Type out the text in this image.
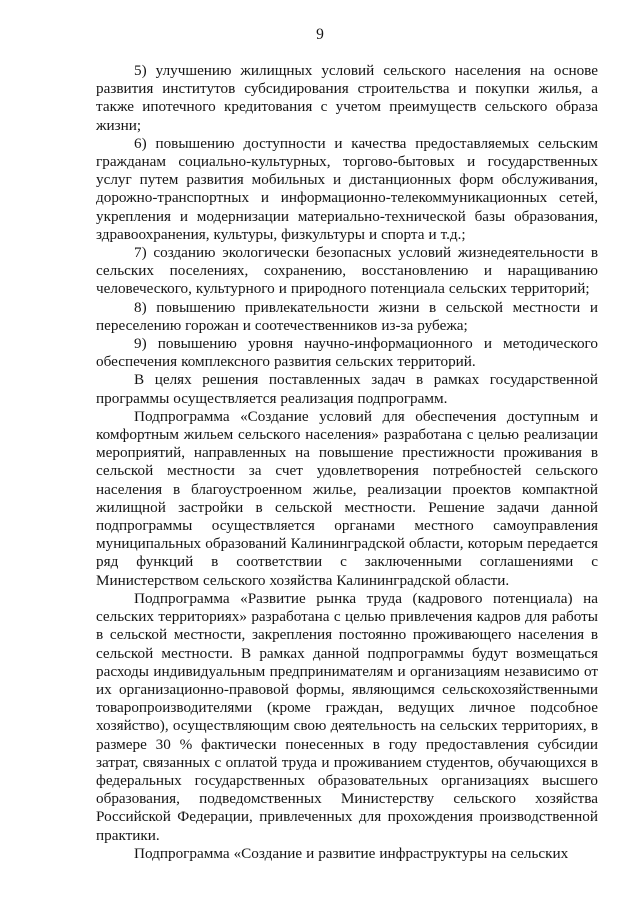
9

5) улучшению жилищных условий сельского населения на основе развития институтов субсидирования строительства и покупки жилья, а также ипотечного кредитования с учетом преимуществ сельского образа жизни;

6) повышению доступности и качества предоставляемых сельским гражданам социально-культурных, торгово-бытовых и государственных услуг путем развития мобильных и дистанционных форм обслуживания, дорожно-транспортных и информационно-телекоммуникационных сетей, укрепления и модернизации материально-технической базы образования, здравоохранения, культуры, физкультуры и спорта и т.д.;

7) созданию экологически безопасных условий жизнедеятельности в сельских поселениях, сохранению, восстановлению и наращиванию человеческого, культурного и природного потенциала сельских территорий;

8) повышению привлекательности жизни в сельской местности и переселению горожан и соотечественников из-за рубежа;

9) повышению уровня научно-информационного и методического обеспечения комплексного развития сельских территорий.

В целях решения поставленных задач в рамках государственной программы осуществляется реализация подпрограмм.

Подпрограмма «Создание условий для обеспечения доступным и комфортным жильем сельского населения» разработана с целью реализации мероприятий, направленных на повышение престижности проживания в сельской местности за счет удовлетворения потребностей сельского населения в благоустроенном жилье, реализации проектов компактной жилищной застройки в сельской местности. Решение задачи данной подпрограммы осуществляется органами местного самоуправления муниципальных образований Калининградской области, которым передается ряд функций в соответствии с заключенными соглашениями с Министерством сельского хозяйства Калининградской области.

Подпрограмма «Развитие рынка труда (кадрового потенциала) на сельских территориях» разработана с целью привлечения кадров для работы в сельской местности, закрепления постоянно проживающего населения в сельской местности. В рамках данной подпрограммы будут возмещаться расходы индивидуальным предпринимателям и организациям независимо от их организационно-правовой формы, являющимся сельскохозяйственными товаропроизводителями (кроме граждан, ведущих личное подсобное хозяйство), осуществляющим свою деятельность на сельских территориях, в размере 30 % фактически понесенных в году предоставления субсидии затрат, связанных с оплатой труда и проживанием студентов, обучающихся в федеральных государственных образовательных организациях высшего образования, подведомственных Министерству сельского хозяйства Российской Федерации, привлеченных для прохождения производственной практики.

Подпрограмма «Создание и развитие инфраструктуры на сельских
